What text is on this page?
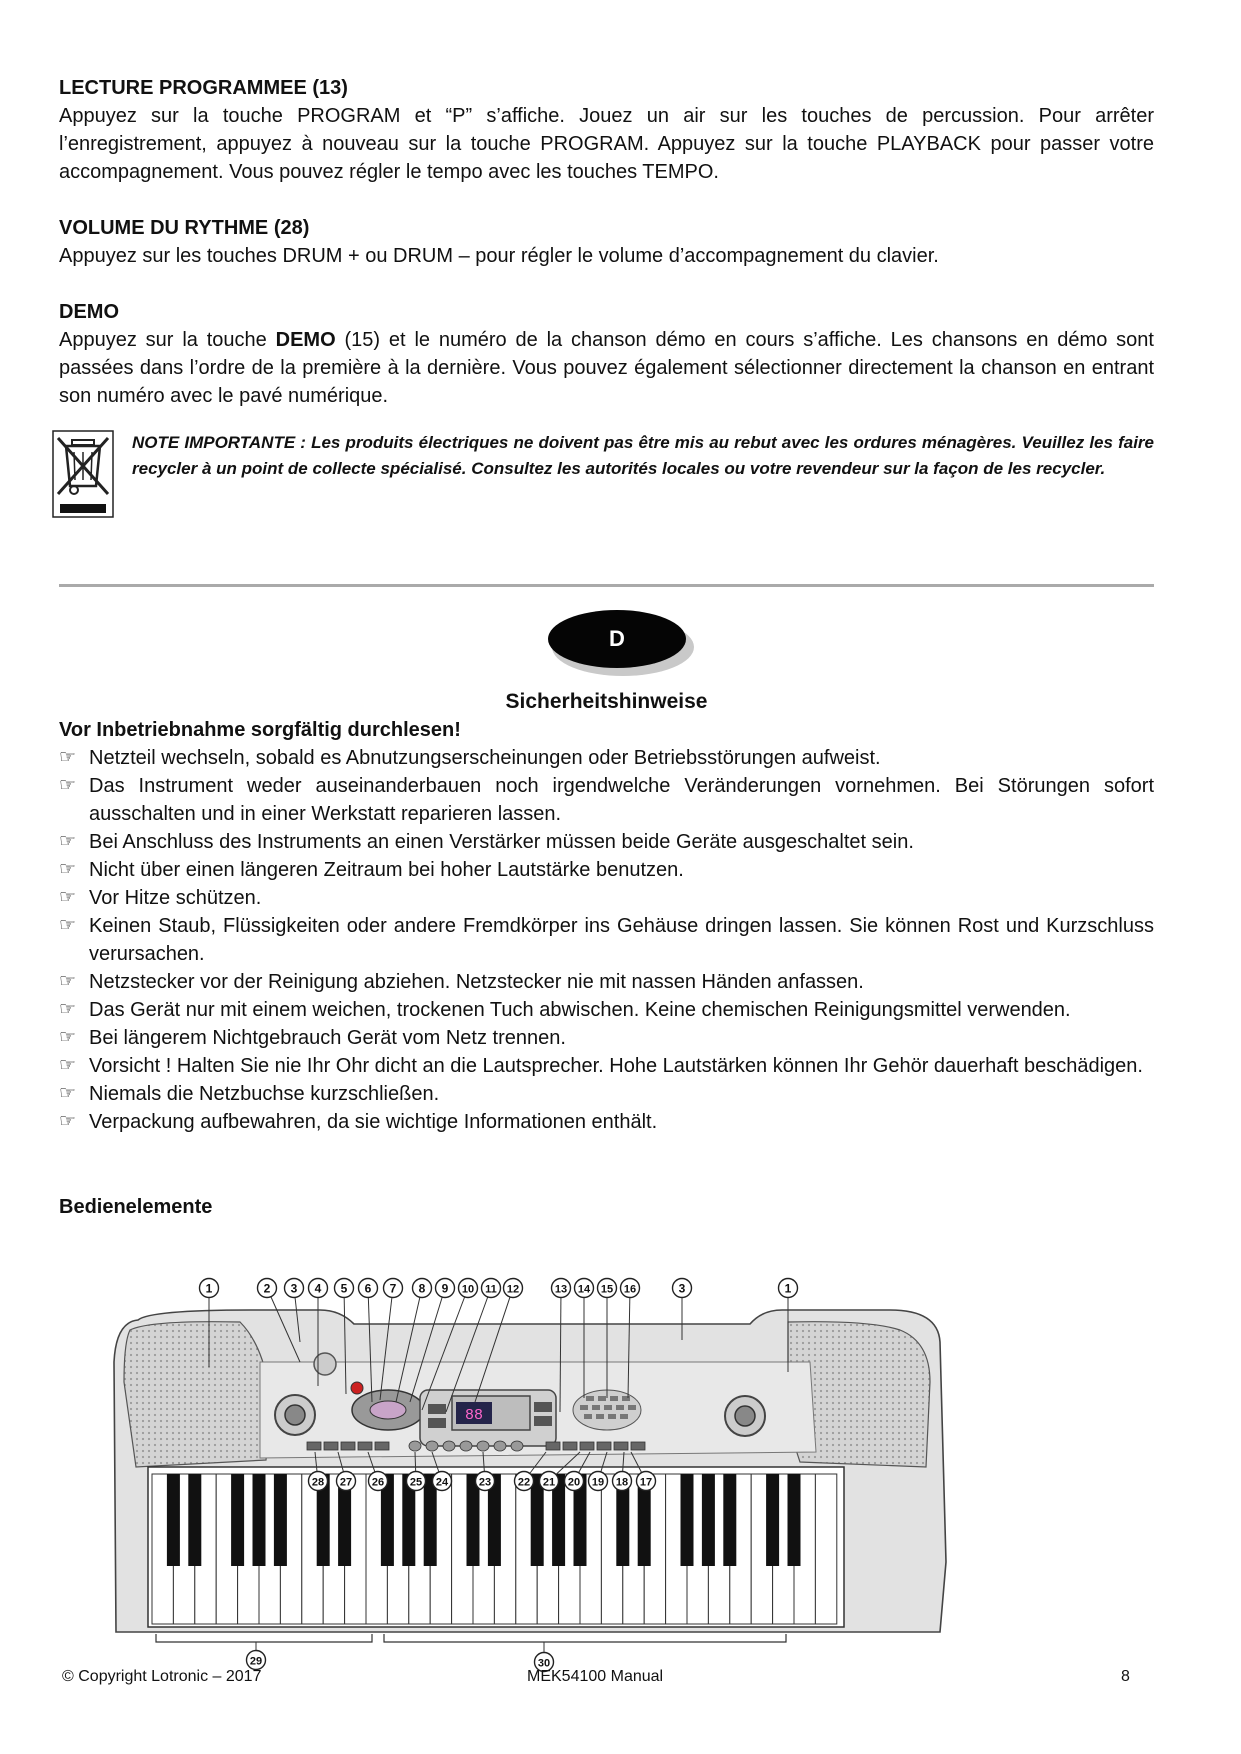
LECTURE PROGRAMMEE (13)

Appuyez sur la touche PROGRAM et “P” s’affiche. Jouez un air sur les touches de percussion. Pour arrêter l’enregistrement, appuyez à nouveau sur la touche PROGRAM. Appuyez sur la touche PLAYBACK pour passer votre accompagnement. Vous pouvez régler le tempo avec les touches TEMPO.

VOLUME DU RYTHME (28)

Appuyez sur les touches DRUM + ou DRUM – pour régler le volume d’accompagnement du clavier.

DEMO

Appuyez sur la touche DEMO (15) et le numéro de la chanson démo en cours s’affiche. Les chansons en démo sont passées dans l’ordre de la première à la dernière. Vous pouvez également sélectionner directement la chanson en entrant son numéro avec le pavé numérique.

NOTE IMPORTANTE : Les produits électriques ne doivent pas être mis au rebut avec les ordures ménagères. Veuillez les faire recycler à un point de collecte spécialisé. Consultez les autorités locales ou votre revendeur sur la façon de les recycler.
D

Sicherheitshinweise

Vor Inbetriebnahme sorgfältig durchlesen!

☞ Netzteil wechseln, sobald es Abnutzungserscheinungen oder Betriebsstörungen aufweist.
☞ Das Instrument weder auseinanderbauen noch irgendwelche Veränderungen vornehmen. Bei Störungen sofort ausschalten und in einer Werkstatt reparieren lassen.
☞ Bei Anschluss des Instruments an einen Verstärker müssen beide Geräte ausgeschaltet sein.
☞ Nicht über einen längeren Zeitraum bei hoher Lautstärke benutzen.
☞ Vor Hitze schützen.
☞ Keinen Staub, Flüssigkeiten oder andere Fremdkörper ins Gehäuse dringen lassen. Sie können Rost und Kurzschluss verursachen.
☞ Netzstecker vor der Reinigung abziehen. Netzstecker nie mit nassen Händen anfassen.
☞ Das Gerät nur mit einem weichen, trockenen Tuch abwischen. Keine chemischen Reinigungsmittel verwenden.
☞ Bei längerem Nichtgebrauch Gerät vom Netz trennen.
☞ Vorsicht ! Halten Sie nie Ihr Ohr dicht an die Lautsprecher. Hohe Lautstärken können Ihr Gehör dauerhaft beschädigen.
☞ Niemals die Netzbuchse kurzschließen.
☞ Verpackung aufbewahren, da sie wichtige Informationen enthält.

Bedienelemente

88
1	2 3 4 5 6 7 8 9 10 11 12	13 14 15 16	3	1
28 27 26 25 24	23 22 21 20 19 18 17
29	30
© Copyright Lotronic – 2017	MEK54100 Manual	8
